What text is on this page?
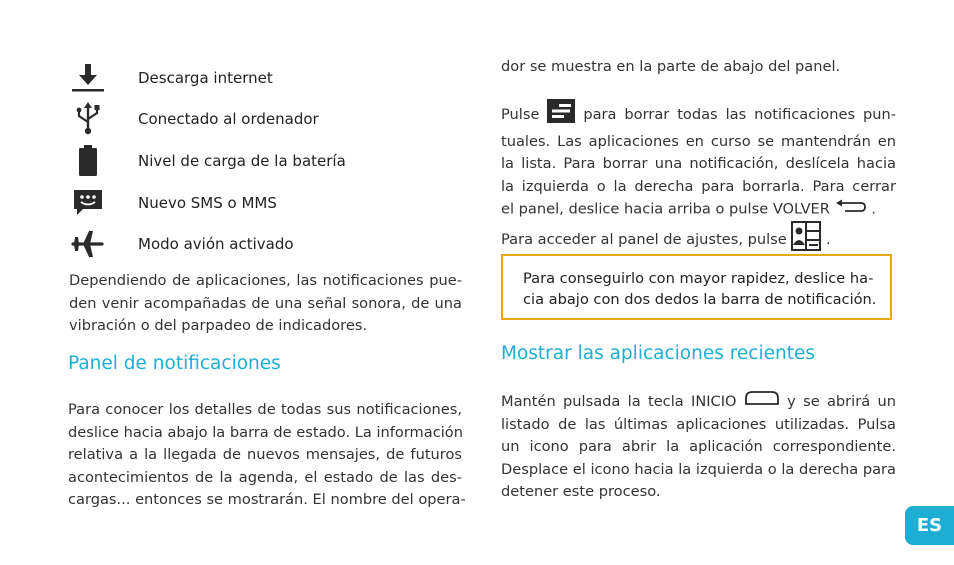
Descarga internet
Conectado al ordenador
Nivel de carga de la batería
Nuevo SMS o MMS
Modo avión activado
Dependiendo de aplicaciones, las notificaciones pue-
den venir acompañadas de una señal sonora, de una
vibración o del parpadeo de indicadores.
Panel de notificaciones
Para conocer los detalles de todas sus notificaciones,
deslice hacia abajo la barra de estado. La información
relativa a la llegada de nuevos mensajes, de futuros
acontecimientos de la agenda, el estado de las des-
cargas... entonces se mostrarán. El nombre del opera-
dor se muestra en la parte de abajo del panel.
Pulse	para borrar todas las notificaciones pun-
tuales. Las aplicaciones en curso se mantendrán en
la lista. Para borrar una notificación, deslícela hacia
la izquierda o la derecha para borrarla. Para cerrar
el panel, deslice hacia arriba o pulse VOLVER	.
Para acceder al panel de ajustes, pulse	.
Para conseguirlo con mayor rapidez, deslice ha-
cia abajo con dos dedos la barra de notificación.
Mostrar las aplicaciones recientes
Mantén pulsada la tecla INICIO	y se abrirá un
listado de las últimas aplicaciones utilizadas. Pulsa
un icono para abrir la aplicación correspondiente.
Desplace el icono hacia la izquierda o la derecha para
detener este proceso.
ES
